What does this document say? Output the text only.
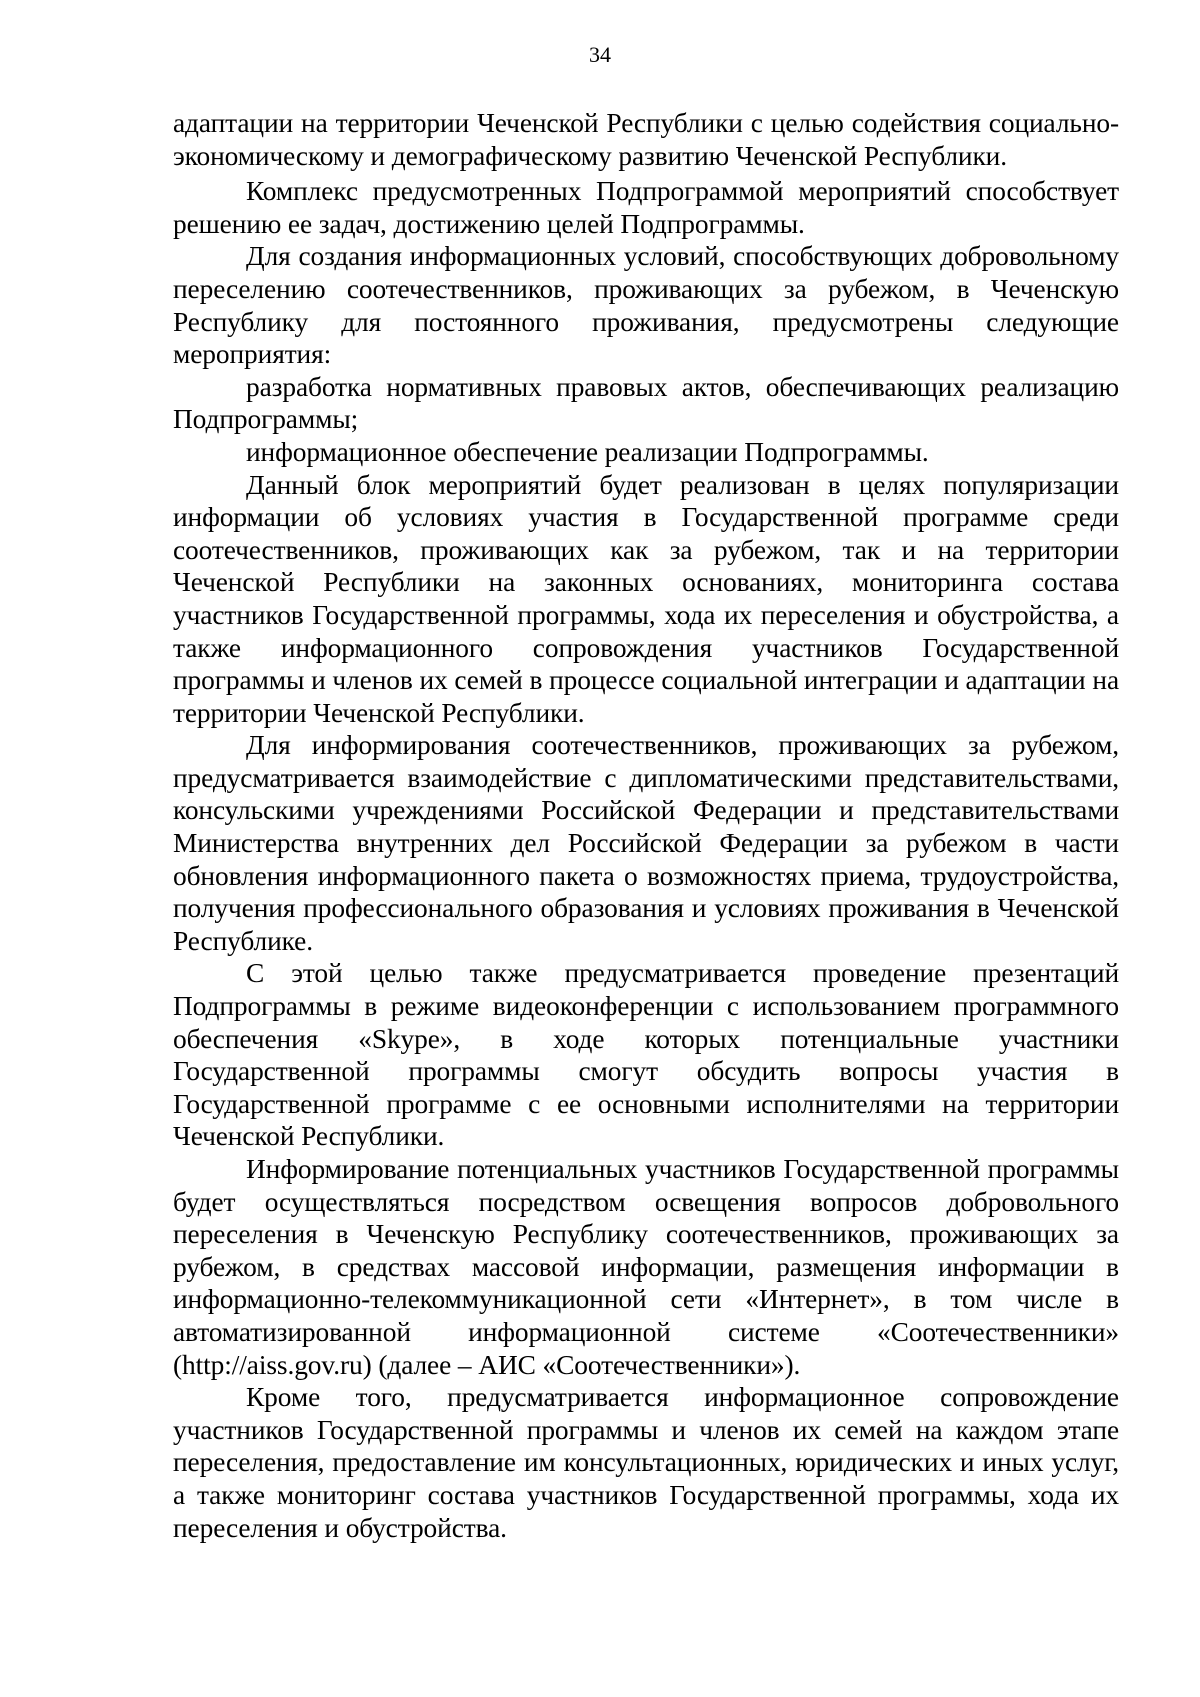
34

адаптации на территории Чеченской Республики с целью содействия социально-экономическому и демографическому развитию Чеченской Республики.

Комплекс предусмотренных Подпрограммой мероприятий способствует решению ее задач, достижению целей Подпрограммы.

Для создания информационных условий, способствующих добровольному переселению соотечественников, проживающих за рубежом, в Чеченскую Республику для постоянного проживания, предусмотрены следующие мероприятия:

разработка нормативных правовых актов, обеспечивающих реализацию Подпрограммы;

информационное обеспечение реализации Подпрограммы.

Данный блок мероприятий будет реализован в целях популяризации информации об условиях участия в Государственной программе среди соотечественников, проживающих как за рубежом, так и на территории Чеченской Республики на законных основаниях, мониторинга состава участников Государственной программы, хода их переселения и обустройства, а также информационного сопровождения участников Государственной программы и членов их семей в процессе социальной интеграции и адаптации на территории Чеченской Республики.

Для информирования соотечественников, проживающих за рубежом, предусматривается взаимодействие с дипломатическими представительствами, консульскими учреждениями Российской Федерации и представительствами Министерства внутренних дел Российской Федерации за рубежом в части обновления информационного пакета о возможностях приема, трудоустройства, получения профессионального образования и условиях проживания в Чеченской Республике.

С этой целью также предусматривается проведение презентаций Подпрограммы в режиме видеоконференции с использованием программного обеспечения «Skype», в ходе которых потенциальные участники Государственной программы смогут обсудить вопросы участия в Государственной программе с ее основными исполнителями на территории Чеченской Республики.

Информирование потенциальных участников Государственной программы будет осуществляться посредством освещения вопросов добровольного переселения в Чеченскую Республику соотечественников, проживающих за рубежом, в средствах массовой информации, размещения информации в информационно-телекоммуникационной сети «Интернет», в том числе в автоматизированной информационной системе «Соотечественники» (http://aiss.gov.ru) (далее – АИС «Соотечественники»).

Кроме того, предусматривается информационное сопровождение участников Государственной программы и членов их семей на каждом этапе переселения, предоставление им консультационных, юридических и иных услуг, а также мониторинг состава участников Государственной программы, хода их переселения и обустройства.
